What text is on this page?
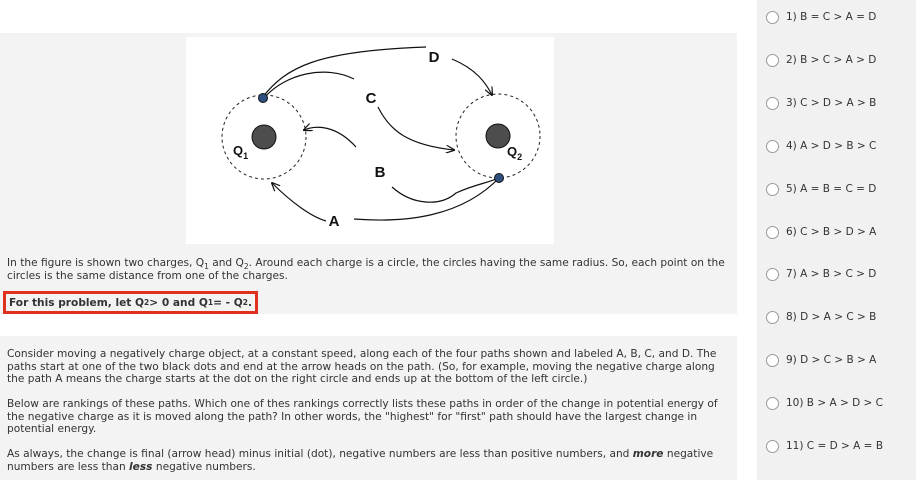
D
C
B
A
$Q_1$	$Q_2$
In the figure is shown two charges, $Q_1$ and $Q_2$. Around each charge is a circle, the circles having the same radius. So, each point on the circles is the same distance from one of the charges.
For this problem, let Q 2 > 0 and Q 1 = - Q 2 .
Consider moving a negatively charge object, at a constant speed, along each of the four paths shown and labeled A, B, C, and D. The paths start at one of the two black dots and end at the arrow heads on the path. (So, for example, moving the negative charge along the path A means the charge starts at the dot on the right circle and ends up at the bottom of the left circle.)
Below are rankings of these paths. Which one of thes rankings correctly lists these paths in order of the change in potential energy of the negative charge as it is moved along the path? In other words, the "highest" for "first" path should have the largest change in potential energy.
As always, the change is final (arrow head) minus initial (dot), negative numbers are less than positive numbers, and more negative numbers are less than less negative numbers.
1) B = C > A = D
2) B > C > A > D
3) C > D > A > B
4) A > D > B > C
5) A = B = C = D
6) C > B > D > A
7) A > B > C > D
8) D > A > C > B
9) D > C > B > A
10) B > A > D > C
11) C = D > A = B
